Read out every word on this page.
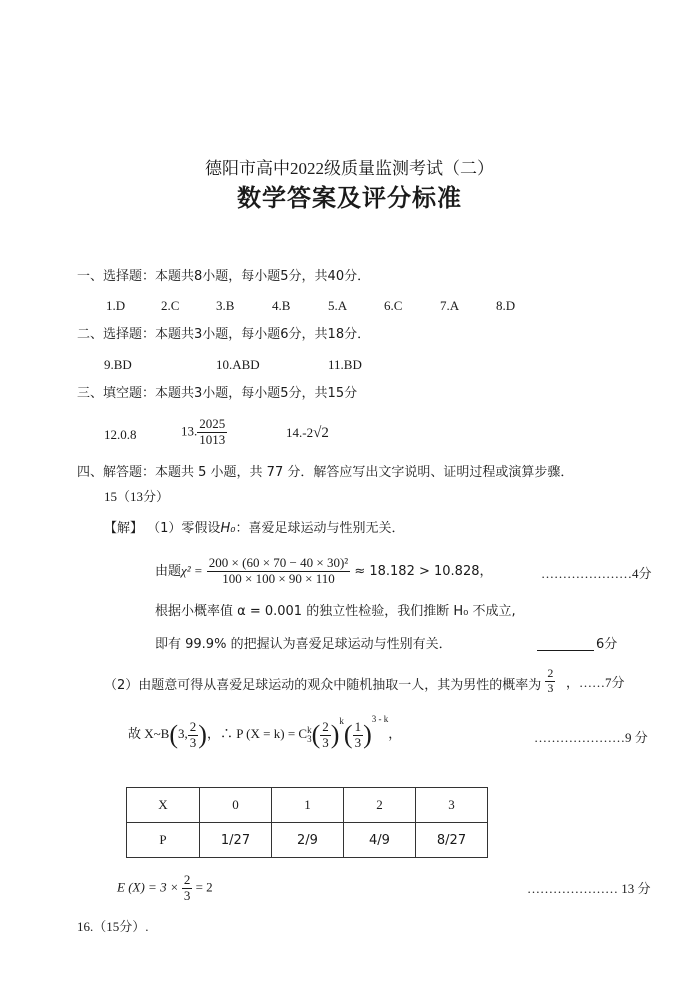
德阳市高中2022级质量监测考试（二）
数学答案及评分标准
一、选择题：本题共8小题，每小题5分，共40分．
1.D	2.C	3.B	4.B	5.A	6.C	7.A	8.D
二、选择题：本题共3小题，每小题6分，共18分．
9.BD	10.ABD	11.BD
三、填空题：本题共3小题，每小题5分，共15分
12.0.8	13. $\frac{2025}{1013}$	14.-2√2
四、解答题：本题共 5 小题，共 77 分．解答应写出文字说明、证明过程或演算步骤．
15（13分）
【解】 （1）零假设H₀：喜爱足球运动与性别无关．
由题$\chi^2 = \frac{\text{200 × (60 × 70 − 40 × 30)²}}{100 \times 100 \times 90 \times 110} \approx 18.182 > 10.828$，	…………………4分
根据小概率值 α = 0.001 的独立性检验，我们推断 H₀ 不成立,
即有 99.9% 的把握认为喜爱足球运动与性别有关．	6分
（2）由题意可得从喜爱足球运动的观众中随机抽取一人，其为男性的概率为 $\frac{2}{3}$ ，……7分
故 X~B(3, $\frac{2}{3}$ )，∴ P (X = k) = C k
3 ( $\frac{2}{3} )^k( \frac{1}{3} )^{3 - k}$，	…………………9 分
X	0	1	2	3
P	1/27	2/9	4/9	8/27
E $(X) = 3 \times \frac{2}{3} = 2$	………………… 13 分
16.（15分）.
